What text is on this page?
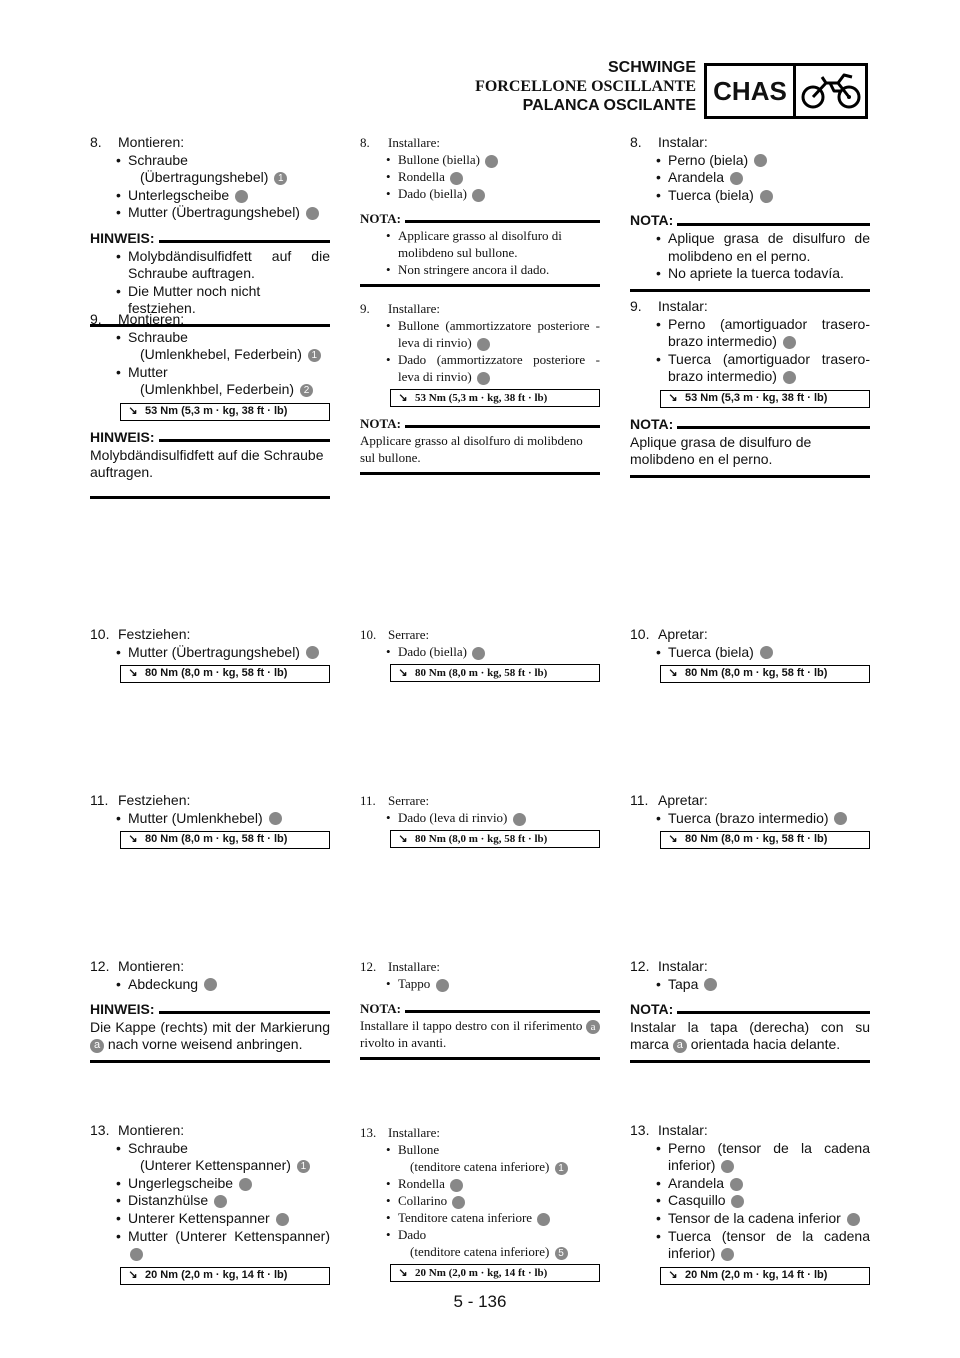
SCHWINGE
FORCELLONE OSCILLANTE
PALANCA OSCILANTE CHAS
8. Montieren:
• Schraube
(Übertragungshebel) 1
• Unterlegscheibe 2
• Mutter (Übertragungshebel) 3
HINWEIS:
• Molybdändisulfidfett auf die Schraube auftragen.
• Die Mutter noch nicht festziehen.
9. Montieren:
• Schraube
(Umlenkhebel, Federbein) 1
• Mutter
(Umlenkhbel, Federbein) 2
↘ 53 Nm (5,3 m · kg, 38 ft · lb)
HINWEIS:
Molybdändisulfidfett auf die Schraube auftragen.
10. Festziehen:
• Mutter (Übertragungshebel) 1
↘ 80 Nm (8,0 m · kg, 58 ft · lb)
11. Festziehen:
• Mutter (Umlenkhebel) 1
↘ 80 Nm (8,0 m · kg, 58 ft · lb)
12. Montieren:
• Abdeckung 1
HINWEIS:
Die Kappe (rechts) mit der Markierung a nach vorne weisend anbringen.
13. Montieren:
• Schraube
(Unterer Kettenspanner) 1
• Ungerlegscheibe 2
• Distanzhülse 3
• Unterer Kettenspanner 4
• Mutter (Unterer Kettenspanner) 5
↘ 20 Nm (2,0 m · kg, 14 ft · lb)
8. Installare:
• Bullone (biella) 1
• Rondella 2
• Dado (biella) 3
NOTA:
• Applicare grasso al disolfuro di molibdeno sul bullone.
• Non stringere ancora il dado.
9. Installare:
• Bullone (ammortizzatore posteriore - leva di rinvio) 1
• Dado (ammortizzatore posteriore - leva di rinvio) 2
↘ 53 Nm (5,3 m · kg, 38 ft · lb)
NOTA:
Applicare grasso al disolfuro di molibdeno sul bullone.
10. Serrare:
• Dado (biella) 1
↘ 80 Nm (8,0 m · kg, 58 ft · lb)
11. Serrare:
• Dado (leva di rinvio) 1
↘ 80 Nm (8,0 m · kg, 58 ft · lb)
12. Installare:
• Tappo 1
NOTA:
Installare il tappo destro con il riferimento a rivolto in avanti.
13. Installare:
• Bullone
(tenditore catena inferiore) 1
• Rondella 2
• Collarino 3
• Tenditore catena inferiore 4
• Dado
(tenditore catena inferiore) 5
↘ 20 Nm (2,0 m · kg, 14 ft · lb)
8. Instalar:
• Perno (biela) 1
• Arandela 2
• Tuerca (biela) 3
NOTA:
• Aplique grasa de disulfuro de molibdeno en el perno.
• No apriete la tuerca todavía.
9. Instalar:
• Perno (amortiguador trasero-brazo intermedio) 1
• Tuerca (amortiguador trasero-brazo intermedio) 2
↘ 53 Nm (5,3 m · kg, 38 ft · lb)
NOTA:
Aplique grasa de disulfuro de molibdeno en el perno.
10. Apretar:
• Tuerca (biela) 1
↘ 80 Nm (8,0 m · kg, 58 ft · lb)
11. Apretar:
• Tuerca (brazo intermedio) 1
↘ 80 Nm (8,0 m · kg, 58 ft · lb)
12. Instalar:
• Tapa 1
NOTA:
Instalar la tapa (derecha) con su marca a orientada hacia delante.
13. Instalar:
• Perno (tensor de la cadena inferior) 1
• Arandela 2
• Casquillo 3
• Tensor de la cadena inferior 4
• Tuerca (tensor de la cadena inferior) 5
↘ 20 Nm (2,0 m · kg, 14 ft · lb)
5 - 136
